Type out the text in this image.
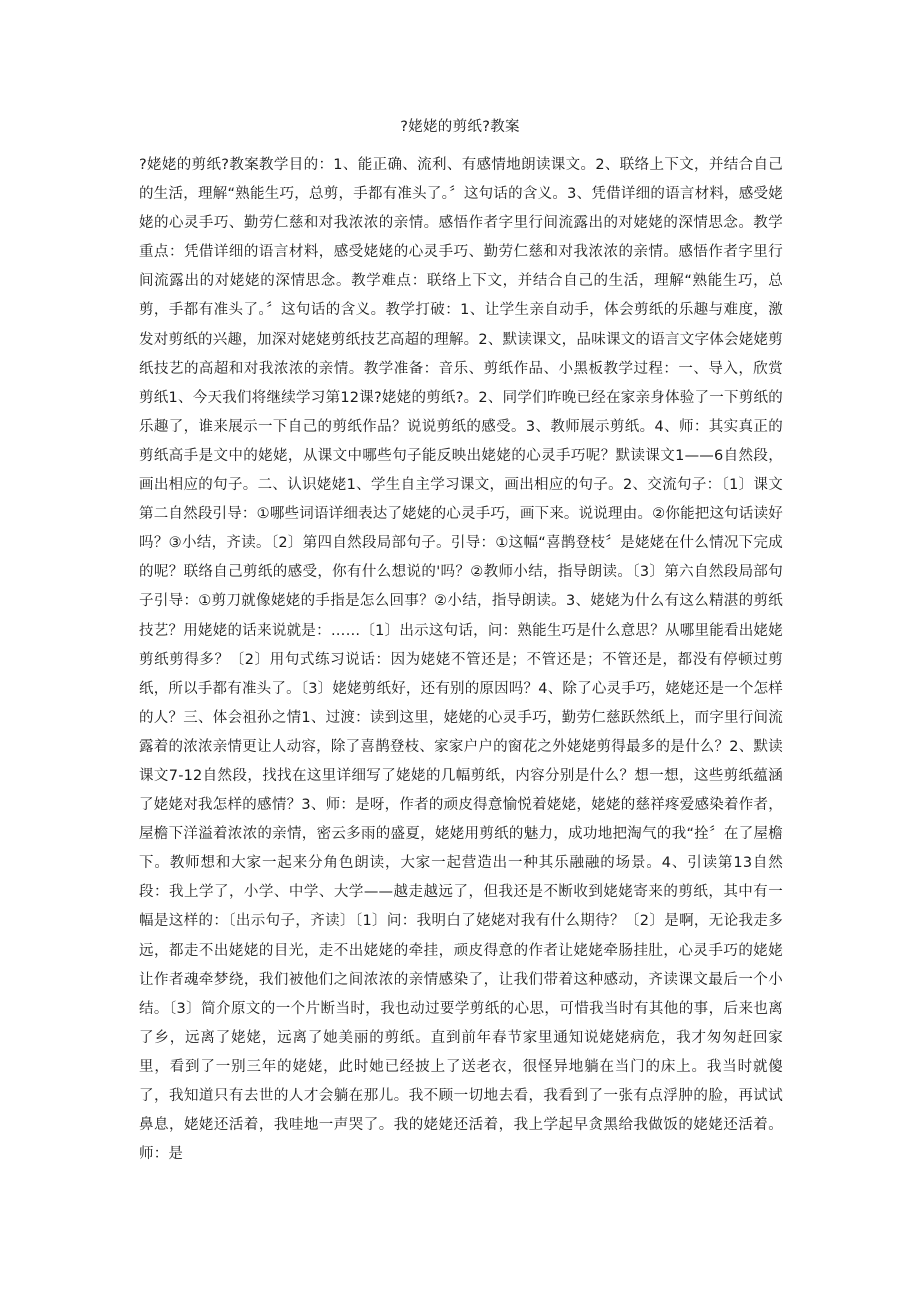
?姥姥的剪纸?教案

?姥姥的剪纸?教案教学目的：1、能正确、流利、有感情地朗读课文。2、联络上下文，并结合自己的生活，理解“熟能生巧，总剪，手都有准头了。〞这句话的含义。3、凭借详细的语言材料，感受姥姥的心灵手巧、勤劳仁慈和对我浓浓的亲情。感悟作者字里行间流露出的对姥姥的深情思念。教学重点：凭借详细的语言材料，感受姥姥的心灵手巧、勤劳仁慈和对我浓浓的亲情。感悟作者字里行间流露出的对姥姥的深情思念。教学难点：联络上下文，并结合自己的生活，理解“熟能生巧，总剪，手都有准头了。〞这句话的含义。教学打破：1、让学生亲自动手，体会剪纸的乐趣与难度，激发对剪纸的兴趣，加深对姥姥剪纸技艺高超的理解。2、默读课文，品味课文的语言文字体会姥姥剪纸技艺的高超和对我浓浓的亲情。教学准备：音乐、剪纸作品、小黑板教学过程：一、导入，欣赏剪纸1、今天我们将继续学习第12课?姥姥的剪纸?。2、同学们昨晚已经在家亲身体验了一下剪纸的乐趣了，谁来展示一下自己的剪纸作品？说说剪纸的感受。3、教师展示剪纸。4、师：其实真正的剪纸高手是文中的姥姥，从课文中哪些句子能反映出姥姥的心灵手巧呢？默读课文1——6自然段，画出相应的句子。二、认识姥姥1、学生自主学习课文，画出相应的句子。2、交流句子：〔1〕课文第二自然段引导：①哪些词语详细表达了姥姥的心灵手巧，画下来。说说理由。②你能把这句话读好吗？③小结，齐读。〔2〕第四自然段局部句子。引导：①这幅“喜鹊登枝〞是姥姥在什么情况下完成的呢？联络自己剪纸的感受，你有什么想说的'吗？②教师小结，指导朗读。〔3〕第六自然段局部句子引导：①剪刀就像姥姥的手指是怎么回事？②小结，指导朗读。3、姥姥为什么有这么精湛的剪纸技艺？用姥姥的话来说就是：……〔1〕出示这句话，问：熟能生巧是什么意思？从哪里能看出姥姥剪纸剪得多？〔2〕用句式练习说话：因为姥姥不管还是；不管还是；不管还是，都没有停顿过剪纸，所以手都有准头了。〔3〕姥姥剪纸好，还有别的原因吗？4、除了心灵手巧，姥姥还是一个怎样的人？三、体会祖孙之情1、过渡：读到这里，姥姥的心灵手巧，勤劳仁慈跃然纸上，而字里行间流露着的浓浓亲情更让人动容，除了喜鹊登枝、家家户户的窗花之外姥姥剪得最多的是什么？2、默读课文7-12自然段，找找在这里详细写了姥姥的几幅剪纸，内容分别是什么？想一想，这些剪纸蕴涵了姥姥对我怎样的感情？3、师：是呀，作者的顽皮得意愉悦着姥姥，姥姥的慈祥疼爱感染着作者，屋檐下洋溢着浓浓的亲情，密云多雨的盛夏，姥姥用剪纸的魅力，成功地把淘气的我“拴〞在了屋檐下。教师想和大家一起来分角色朗读，大家一起营造出一种其乐融融的场景。4、引读第13自然段：我上学了，小学、中学、大学——越走越远了，但我还是不断收到姥姥寄来的剪纸，其中有一幅是这样的：〔出示句子，齐读〕〔1〕问：我明白了姥姥对我有什么期待？〔2〕是啊，无论我走多远，都走不出姥姥的目光，走不出姥姥的牵挂，顽皮得意的作者让姥姥牵肠挂肚，心灵手巧的姥姥让作者魂牵梦绕，我们被他们之间浓浓的亲情感染了，让我们带着这种感动，齐读课文最后一个小结。〔3〕简介原文的一个片断当时，我也动过要学剪纸的心思，可惜我当时有其他的事，后来也离了乡，远离了姥姥，远离了她美丽的剪纸。直到前年春节家里通知说姥姥病危，我才匆匆赶回家里，看到了一别三年的姥姥，此时她已经披上了送老衣，很怪异地躺在当门的床上。我当时就傻了，我知道只有去世的人才会躺在那儿。我不顾一切地去看，我看到了一张有点浮肿的脸，再试试鼻息，姥姥还活着，我哇地一声哭了。我的姥姥还活着，我上学起早贪黑给我做饭的姥姥还活着。师：是
